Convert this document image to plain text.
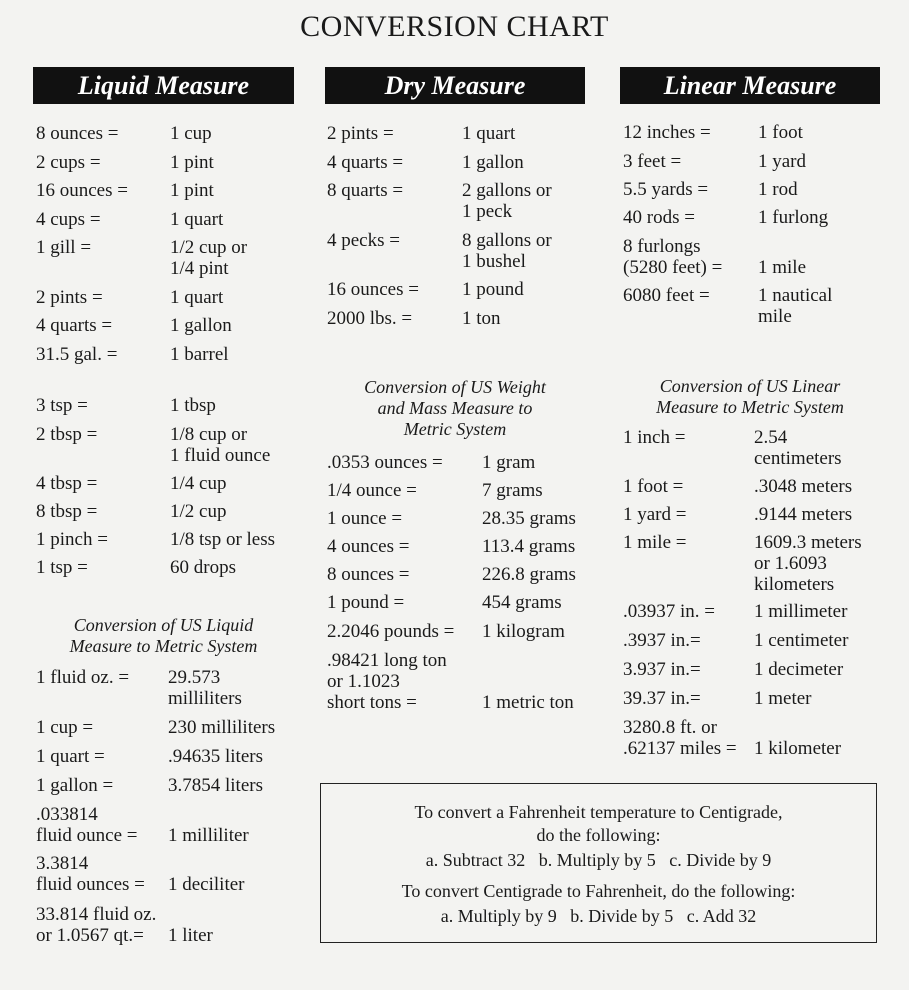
CONVERSION CHART
Liquid Measure	Dry Measure	Linear Measure
8 ounces =	1 cup
2 cups =	1 pint
16 ounces = 1 pint
4 cups =	1 quart
1 gill =	1/2 cup or
1/4 pint
2 pints =	1 quart
4 quarts =	1 gallon
31.5 gal. =	1 barrel
3 tsp =	1 tbsp
2 tbsp =	1/8 cup or
1 fluid ounce
4 tbsp =	1/4 cup
8 tbsp =	1/2 cup
1 pinch =	1/8 tsp or less
1 tsp =	60 drops
1 fluid oz. = 29.573
milliliters
1 cup =	230 milliliters
1 quart =	.94635 liters
1 gallon =	3.7854 liters
.033814
fluid ounce =
1 milliliter
3.3814
fluid ounces =
1 deciliter
33.814 fluid oz.
or 1.0567 qt.=
	1 liter
2 pints =	1 quart
4 quarts =	1 gallon
8 quarts =	2 gallons or
1 peck
4 pecks =	8 gallons or
1 bushel
16 ounces = 1 pound
2000 lbs. =	1 ton
.0353 ounces = 1 gram
1/4 ounce =	7 grams
1 ounce =	28.35 grams
4 ounces =	113.4 grams
8 ounces =	226.8 grams
1 pound =	454 grams
2.2046 pounds = 1 kilogram
.98421 long ton
or 1.1023
short tons =

	1 metric ton
12 inches = 1 foot
3 feet =	1 yard
5.5 yards =	1 rod
40 rods =	1 furlong
8 furlongs
(5280 feet) =
1 mile
6080 feet =	1 nautical
mile
1 inch =	2.54
centimeters
1 foot =	.3048 meters
1 yard =	.9144 meters
1 mile =	1609.3 meters
or 1.6093
kilometers
.03937 in. = 1 millimeter
.3937 in.=	1 centimeter
3.937 in.=	1 decimeter
39.37 in.=	1 meter
3280.8 ft. or
.62137 miles =
1 kilometer
Conversion of US Liquid
Measure to Metric System
Conversion of US Weight
and Mass Measure to
Metric System
Conversion of US Linear
Measure to Metric System
To convert a Fahrenheit temperature to Centigrade,
do the following:
a. Subtract 32   b. Multiply by 5   c. Divide by 9
To convert Centigrade to Fahrenheit, do the following:
a. Multiply by 9   b. Divide by 5   c. Add 32
